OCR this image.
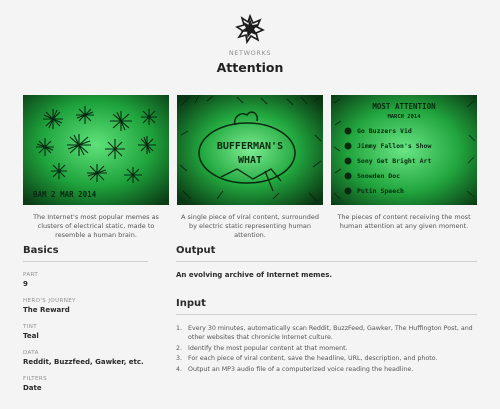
NETWORKS
Attention
BAM 2 MAR 2014
The Internet's most popular memes as clusters of electrical static, made to resemble a human brain.
BUFFERMAN'S
WHAT
A single piece of viral content, surrounded by electric static representing human attention.
MOST ATTENTION
MARCH 2014
Go Buzzers Vid
Jimmy Fallon's Show
Sony Get Bright Art
Snowden Doc
Putin Speech
The pieces of content receiving the most human attention at any given moment.
Basics
PART
9
HERO'S JOURNEY
The Reward
TINT
Teal
DATA
Reddit, Buzzfeed, Gawker, etc.
FILTERS
Date
Output
An evolving archive of Internet memes.
Input
1. Every 30 minutes, automatically scan Reddit, BuzzFeed, Gawker, The Huffington Post, and other websites that chronicle Internet culture.
2. Identify the most popular content at that moment.
3. For each piece of viral content, save the headline, URL, description, and photo.
4. Output an MP3 audio file of a computerized voice reading the headline.
